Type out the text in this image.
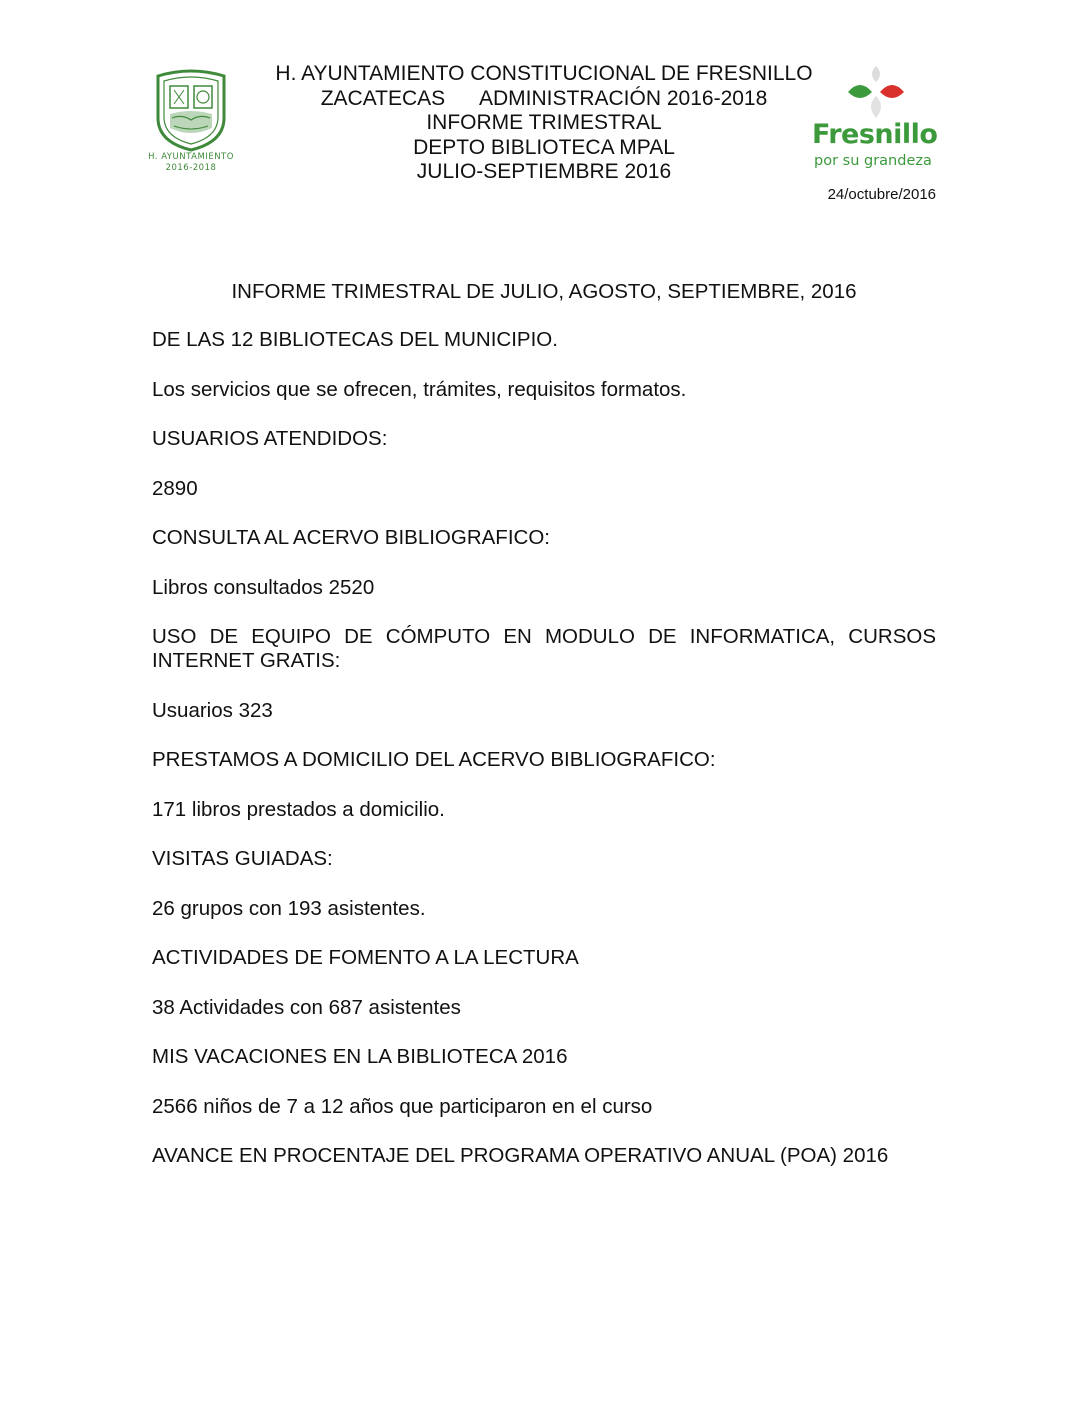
H. AYUNTAMIENTO
2016-2018
H. AYUNTAMIENTO CONSTITUCIONAL DE FRESNILLO
ZACATECAS      ADMINISTRACIÓN 2016-2018
INFORME TRIMESTRAL
DEPTO BIBLIOTECA MPAL
JULIO-SEPTIEMBRE 2016
Fresnillo
por su grandeza
24/octubre/2016
INFORME TRIMESTRAL DE JULIO, AGOSTO, SEPTIEMBRE, 2016

DE LAS 12 BIBLIOTECAS DEL MUNICIPIO.

Los servicios que se ofrecen, trámites, requisitos formatos.

USUARIOS ATENDIDOS:

2890

CONSULTA AL ACERVO BIBLIOGRAFICO:

Libros consultados 2520

USO DE EQUIPO DE CÓMPUTO EN MODULO DE INFORMATICA, CURSOS INTERNET GRATIS:

Usuarios 323

PRESTAMOS A DOMICILIO DEL ACERVO BIBLIOGRAFICO:

171 libros prestados a domicilio.

VISITAS GUIADAS:

26 grupos con 193 asistentes.

ACTIVIDADES DE FOMENTO A LA LECTURA

38 Actividades con 687 asistentes

MIS VACACIONES EN LA BIBLIOTECA 2016

2566 niños de 7 a 12 años que participaron en el curso

AVANCE EN PROCENTAJE DEL PROGRAMA OPERATIVO ANUAL (POA) 2016
